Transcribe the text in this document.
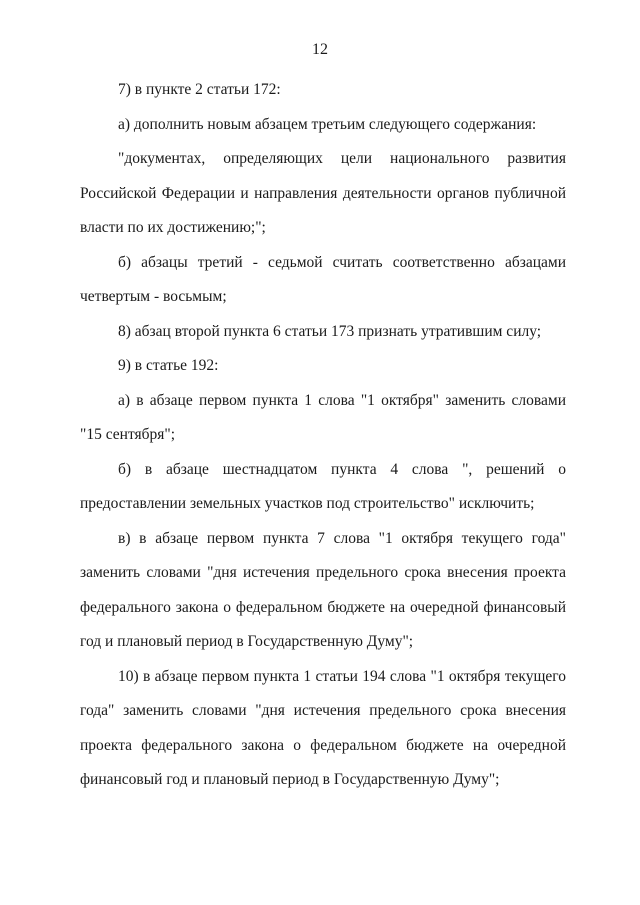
12

7) в пункте 2 статьи 172:

а) дополнить новым абзацем третьим следующего содержания:

"документах, определяющих цели национального развития Российской Федерации и направления деятельности органов публичной власти по их достижению;";

б) абзацы третий - седьмой считать соответственно абзацами четвертым - восьмым;

8) абзац второй пункта 6 статьи 173 признать утратившим силу;

9) в статье 192:

а) в абзаце первом пункта 1 слова "1 октября" заменить словами "15 сентября";

б) в абзаце шестнадцатом пункта 4 слова ", решений о предоставлении земельных участков под строительство" исключить;

в) в абзаце первом пункта 7 слова "1 октября текущего года" заменить словами "дня истечения предельного срока внесения проекта федерального закона о федеральном бюджете на очередной финансовый год и плановый период в Государственную Думу";

10) в абзаце первом пункта 1 статьи 194 слова "1 октября текущего года" заменить словами "дня истечения предельного срока внесения проекта федерального закона о федеральном бюджете на очередной финансовый год и плановый период в Государственную Думу";
